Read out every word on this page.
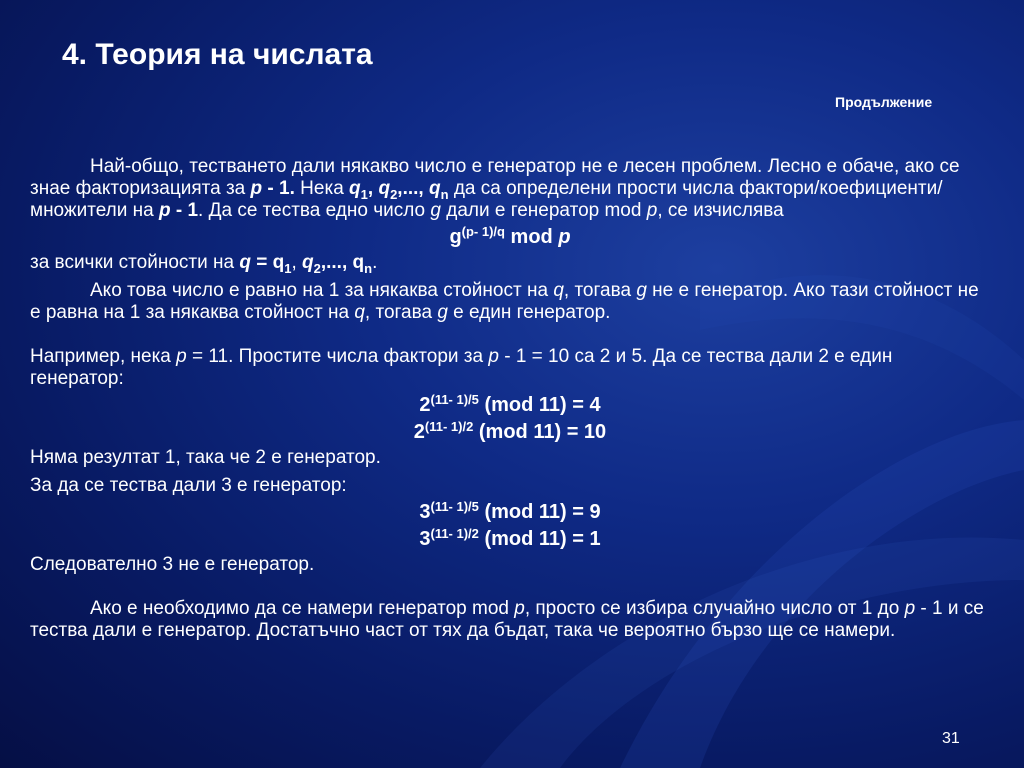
4. Теория на числата
Продължение

Най-общо, тестването дали някакво число е генератор не е лесен проблем. Лесно е обаче, ако се знае факторизацията за p - 1. Нека $q_1$, $q_2$,..., $q_n$ да са определени прости числа фактори/коефициенти/множители на p - 1. Да се тества едно число g дали е генератор mod p, се изчислява

$g^{(p- 1)/q}$ mod p

за всички стойности на $q = q_1$, $q_2$,..., $q_n$.

Ако това число е равно на 1 за някаква стойност на q, тогава g не е генератор. Ако тази стойност не е равна на 1 за някаква стойност на q, тогава g е един генератор.

Например, нека p = 11. Простите числа фактори за p - 1 = 10 са 2 и 5. Да се тества дали 2 е един генератор:

$2^{(11- 1)/5}$ (mod 11) = 4
$2^{(11- 1)/2}$ (mod 11) = 10

Няма резултат 1, така че 2 е генератор.

За да се тества дали 3 е генератор:

$3^{(11- 1)/5}$ (mod 11) = 9
$3^{(11- 1)/2}$ (mod 11) = 1

Следователно 3 не е генератор.

Ако е необходимо да се намери генератор mod p, просто се избира случайно число от 1 до p - 1 и се тества дали е генератор. Достатъчно част от тях да бъдат, така че вероятно бързо ще се намери.

31
